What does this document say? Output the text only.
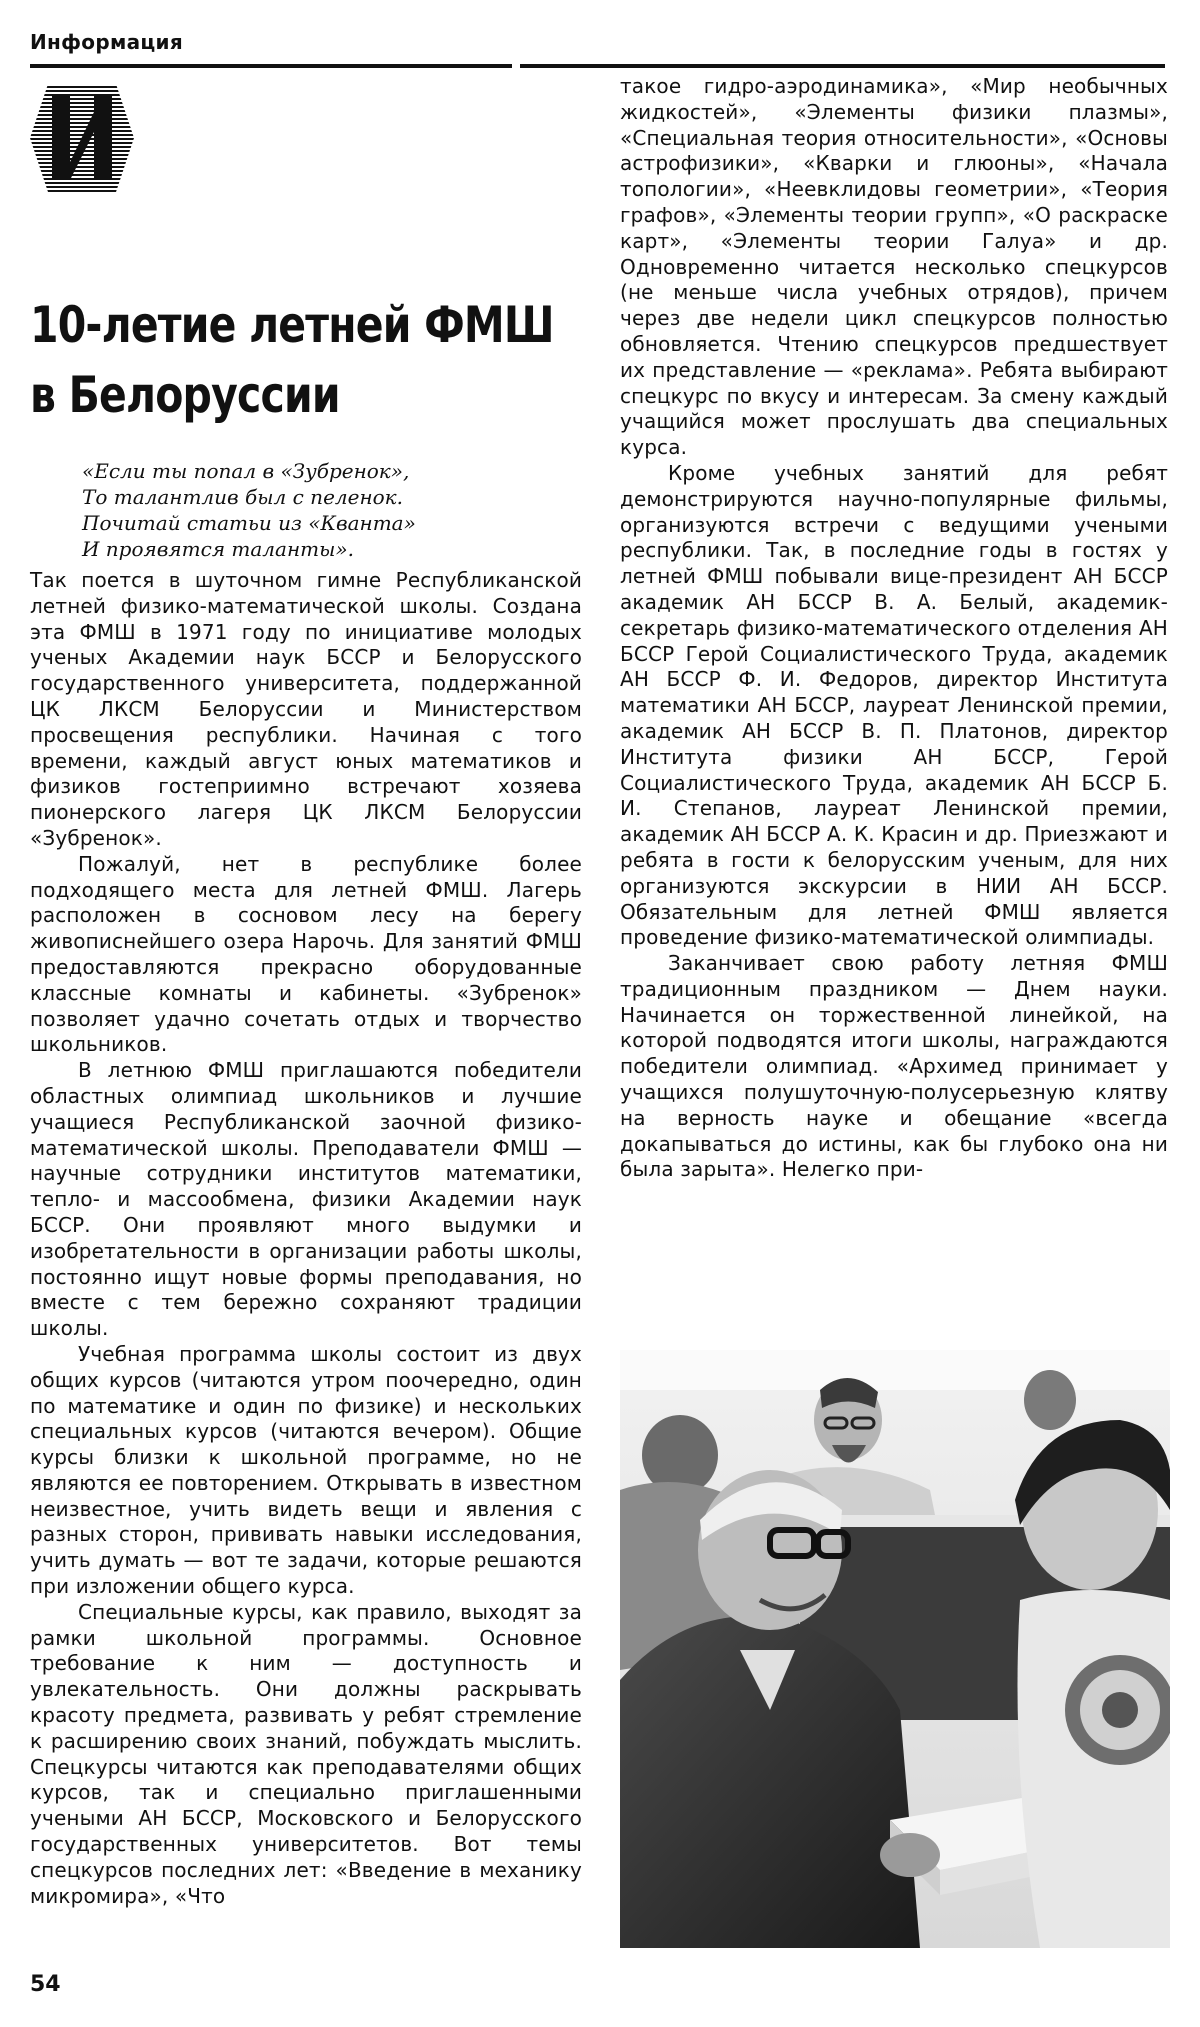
Информация
10-летие летней ФМШ
в Белоруссии
«Если ты попал в «Зубренок»,
То талантлив был с пеленок.
Почитай статьи из «Кванта»
И проявятся таланты».

Так поется в шуточном гимне Республиканской летней физико-математической школы. Создана эта ФМШ в 1971 году по инициативе молодых ученых Академии наук БССР и Белорусского государственного университета, поддержанной ЦК ЛКСМ Белоруссии и Министерством просвещения республики. Начиная с того времени, каждый август юных математиков и физиков гостеприимно встречают хозяева пионерского лагеря ЦК ЛКСМ Белоруссии «Зубренок».

Пожалуй, нет в республике более подходящего места для летней ФМШ. Лагерь расположен в сосновом лесу на берегу живописнейшего озера Нарочь. Для занятий ФМШ предоставляются прекрасно оборудованные классные комнаты и кабинеты. «Зубренок» позволяет удачно сочетать отдых и творчество школьников.

В летнюю ФМШ приглашаются победители областных олимпиад школьников и лучшие учащиеся Республиканской заочной физико-математической школы. Преподаватели ФМШ — научные сотрудники институтов математики, тепло- и массообмена, физики Академии наук БССР. Они проявляют много выдумки и изобретательности в организации работы школы, постоянно ищут новые формы преподавания, но вместе с тем бережно сохраняют традиции школы.

Учебная программа школы состоит из двух общих курсов (читаются утром поочередно, один по математике и один по физике) и нескольких специальных курсов (читаются вечером). Общие курсы близки к школьной программе, но не являются ее повторением. Открывать в известном неизвестное, учить видеть вещи и явления с разных сторон, прививать навыки исследования, учить думать — вот те задачи, которые решаются при изложении общего курса.

Специальные курсы, как правило, выходят за рамки школьной программы. Основное требование к ним — доступность и увлекательность. Они должны раскрывать красоту предмета, развивать у ребят стремление к расширению своих знаний, побуждать мыслить. Спецкурсы читаются как преподавателями общих курсов, так и специально приглашенными учеными АН БССР, Московского и Белорусского государственных университетов. Вот темы спецкурсов последних лет: «Введение в механику микромира», «Что

такое гидро-аэродинамика», «Мир необычных жидкостей», «Элементы физики плазмы», «Специальная теория относительности», «Основы астрофизики», «Кварки и глюоны», «Начала топологии», «Неевклидовы геометрии», «Теория графов», «Элементы теории групп», «О раскраске карт», «Элементы теории Галуа» и др. Одновременно читается несколько спецкурсов (не меньше числа учебных отрядов), причем через две недели цикл спецкурсов полностью обновляется. Чтению спецкурсов предшествует их представление — «реклама». Ребята выбирают спецкурс по вкусу и интересам. За смену каждый учащийся может прослушать два специальных курса.

Кроме учебных занятий для ребят демонстрируются научно-популярные фильмы, организуются встречи с ведущими учеными республики. Так, в последние годы в гостях у летней ФМШ побывали вице-президент АН БССР академик АН БССР В. А. Белый, академик-секретарь физико-математического отделения АН БССР Герой Социалистического Труда, академик АН БССР Ф. И. Федоров, директор Института математики АН БССР, лауреат Ленинской премии, академик АН БССР В. П. Платонов, директор Института физики АН БССР, Герой Социалистического Труда, академик АН БССР Б. И. Степанов, лауреат Ленинской премии, академик АН БССР А. К. Красин и др. Приезжают и ребята в гости к белорусским ученым, для них организуются экскурсии в НИИ АН БССР. Обязательным для летней ФМШ является проведение физико-математической олимпиады.

Заканчивает свою работу летняя ФМШ традиционным праздником — Днем науки. Начинается он торжественной линейкой, на которой подводятся итоги школы, награждаются победители олимпиад. «Архимед принимает у учащихся полушуточную-полусерьезную клятву на верность науке и обещание «всегда докапываться до истины, как бы глубоко она ни была зарыта». Нелегко при-

54
